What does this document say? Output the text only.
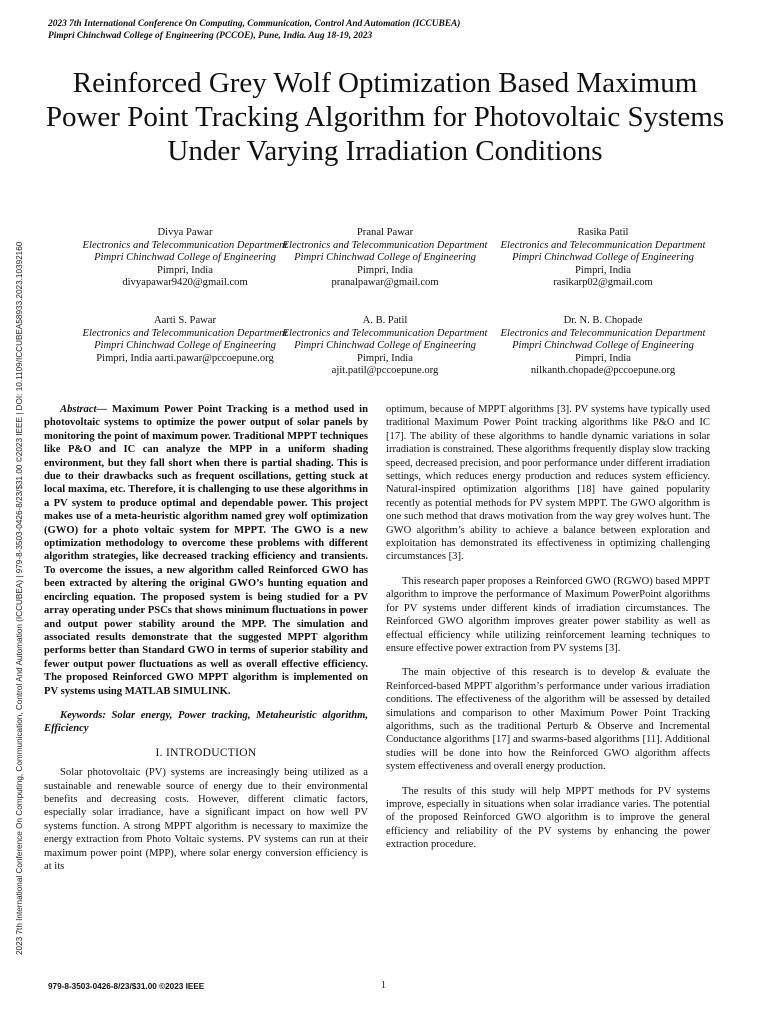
2023 7th International Conference On Computing, Communication, Control And Automation (ICCUBEA)
Pimpri Chinchwad College of Engineering (PCCOE), Pune, India. Aug 18-19, 2023
2023 7th International Conference On Computing, Communication, Control And Automation (ICCUBEA) | 979-8-3503-0426-8/23/$31.00 ©2023 IEEE | DOI: 10.1109/ICCUBEA58933.2023.10392160
Reinforced Grey Wolf Optimization Based Maximum Power Point Tracking Algorithm for Photovoltaic Systems Under Varying Irradiation Conditions
Divya Pawar
Electronics and Telecommunication Department
Pimpri Chinchwad College of Engineering
Pimpri, India
divyapawar9420@gmail.com
Pranal Pawar
Electronics and Telecommunication Department
Pimpri Chinchwad College of Engineering
Pimpri, India
pranalpawar@gmail.com
Rasika Patil
Electronics and Telecommunication Department
Pimpri Chinchwad College of Engineering
Pimpri, India
rasikarp02@gmail.com
Aarti S. Pawar
Electronics and Telecommunication Department
Pimpri Chinchwad College of Engineering
Pimpri, India aarti.pawar@pccoepune.org
A. B. Patil
Electronics and Telecommunication Department
Pimpri Chinchwad College of Engineering
Pimpri, India
ajit.patil@pccoepune.org
Dr. N. B. Chopade
Electronics and Telecommunication Department
Pimpri Chinchwad College of Engineering
Pimpri, India
nilkanth.chopade@pccoepune.org

Abstract— Maximum Power Point Tracking is a method used in photovoltaic systems to optimize the power output of solar panels by monitoring the point of maximum power. Traditional MPPT techniques like P&O and IC can analyze the MPP in a uniform shading environment, but they fall short when there is partial shading. This is due to their drawbacks such as frequent oscillations, getting stuck at local maxima, etc. Therefore, it is challenging to use these algorithms in a PV system to produce optimal and dependable power. This project makes use of a meta-heuristic algorithm named grey wolf optimization (GWO) for a photo voltaic system for MPPT. The GWO is a new optimization methodology to overcome these problems with different algorithm strategies, like decreased tracking efficiency and transients. To overcome the issues, a new algorithm called Reinforced GWO has been extracted by altering the original GWO’s hunting equation and encircling equation. The proposed system is being studied for a PV array operating under PSCs that shows minimum fluctuations in power and output power stability around the MPP. The simulation and associated results demonstrate that the suggested MPPT algorithm performs better than Standard GWO in terms of superior stability and fewer output power fluctuations as well as overall effective efficiency. The proposed Reinforced GWO MPPT algorithm is implemented on PV systems using MATLAB SIMULINK.

Keywords: Solar energy, Power tracking, Metaheuristic algorithm, Efficiency

I. INTRODUCTION

Solar photovoltaic (PV) systems are increasingly being utilized as a sustainable and renewable source of energy due to their environmental benefits and decreasing costs. However, different climatic factors, especially solar irradiance, have a significant impact on how well PV systems function. A strong MPPT algorithm is necessary to maximize the energy extraction from Photo Voltaic systems. PV systems can run at their maximum power point (MPP), where solar energy conversion efficiency is at its

optimum, because of MPPT algorithms [3]. PV systems have typically used traditional Maximum Power Point tracking algorithms like P&O and IC [17]. The ability of these algorithms to handle dynamic variations in solar irradiation is constrained. These algorithms frequently display slow tracking speed, decreased precision, and poor performance under different irradiation settings, which reduces energy production and reduces system efficiency. Natural-inspired optimization algorithms [18] have gained popularity recently as potential methods for PV system MPPT. The GWO algorithm is one such method that draws motivation from the way grey wolves hunt. The GWO algorithm’s ability to achieve a balance between exploration and exploitation has demonstrated its effectiveness in optimizing challenging circumstances [3].

This research paper proposes a Reinforced GWO (RGWO) based MPPT algorithm to improve the performance of Maximum PowerPoint algorithms for PV systems under different kinds of irradiation circumstances. The Reinforced GWO algorithm improves greater power stability as well as effectual efficiency while utilizing reinforcement learning techniques to ensure effective power extraction from PV systems [3].

The main objective of this research is to develop & evaluate the Reinforced-based MPPT algorithm’s performance under various irradiation conditions. The effectiveness of the algorithm will be assessed by detailed simulations and comparison to other Maximum Power Point Tracking algorithms, such as the traditional Perturb & Observe and Incremental Conductance algorithms [17] and swarms-based algorithms [11]. Additional studies will be done into how the Reinforced GWO algorithm affects system effectiveness and overall energy production.

The results of this study will help MPPT methods for PV systems improve, especially in situations when solar irradiance varies. The potential of the proposed Reinforced GWO algorithm is to improve the general efficiency and reliability of the PV systems by enhancing the power extraction procedure.

979-8-3503-0426-8/23/$31.00 ©2023 IEEE	1
